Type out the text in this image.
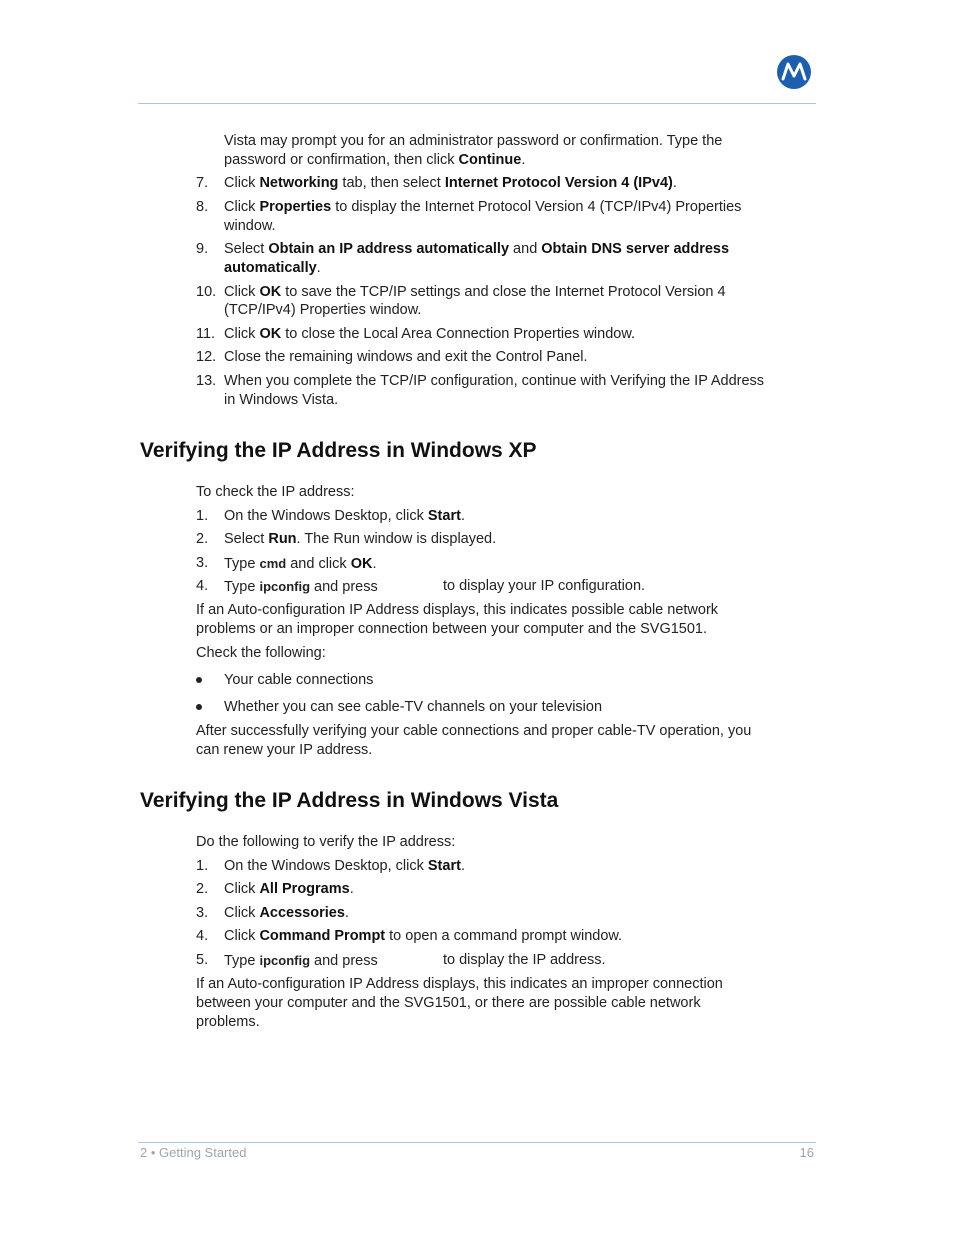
Vista may prompt you for an administrator password or confirmation. Type the
password or confirmation, then click Continue.
7. Click Networking tab, then select Internet Protocol Version 4 (IPv4).
8. Click Properties to display the Internet Protocol Version 4 (TCP/IPv4) Properties
window.
9. Select Obtain an IP address automatically and Obtain DNS server address
automatically.
10. Click OK to save the TCP/IP settings and close the Internet Protocol Version 4
(TCP/IPv4) Properties window.
11. Click OK to close the Local Area Connection Properties window.
12. Close the remaining windows and exit the Control Panel.
13. When you complete the TCP/IP configuration, continue with Verifying the IP Address
in Windows Vista.
Verifying the IP Address in Windows XP
To check the IP address:
1. On the Windows Desktop, click Start.
2. Select Run. The Run window is displayed.
3. Type cmd and click OK.
4. Type ipconfig and press	to display your IP configuration.
If an Auto-configuration IP Address displays, this indicates possible cable network
problems or an improper connection between your computer and the SVG1501.
Check the following:
Your cable connections
Whether you can see cable-TV channels on your television
After successfully verifying your cable connections and proper cable-TV operation, you
can renew your IP address.
Verifying the IP Address in Windows Vista
Do the following to verify the IP address:
1. On the Windows Desktop, click Start.
2. Click All Programs.
3. Click Accessories.
4. Click Command Prompt to open a command prompt window.
5. Type ipconfig and press	to display the IP address.
If an Auto-configuration IP Address displays, this indicates an improper connection
between your computer and the SVG1501, or there are possible cable network
problems.
2 • Getting Started	16
